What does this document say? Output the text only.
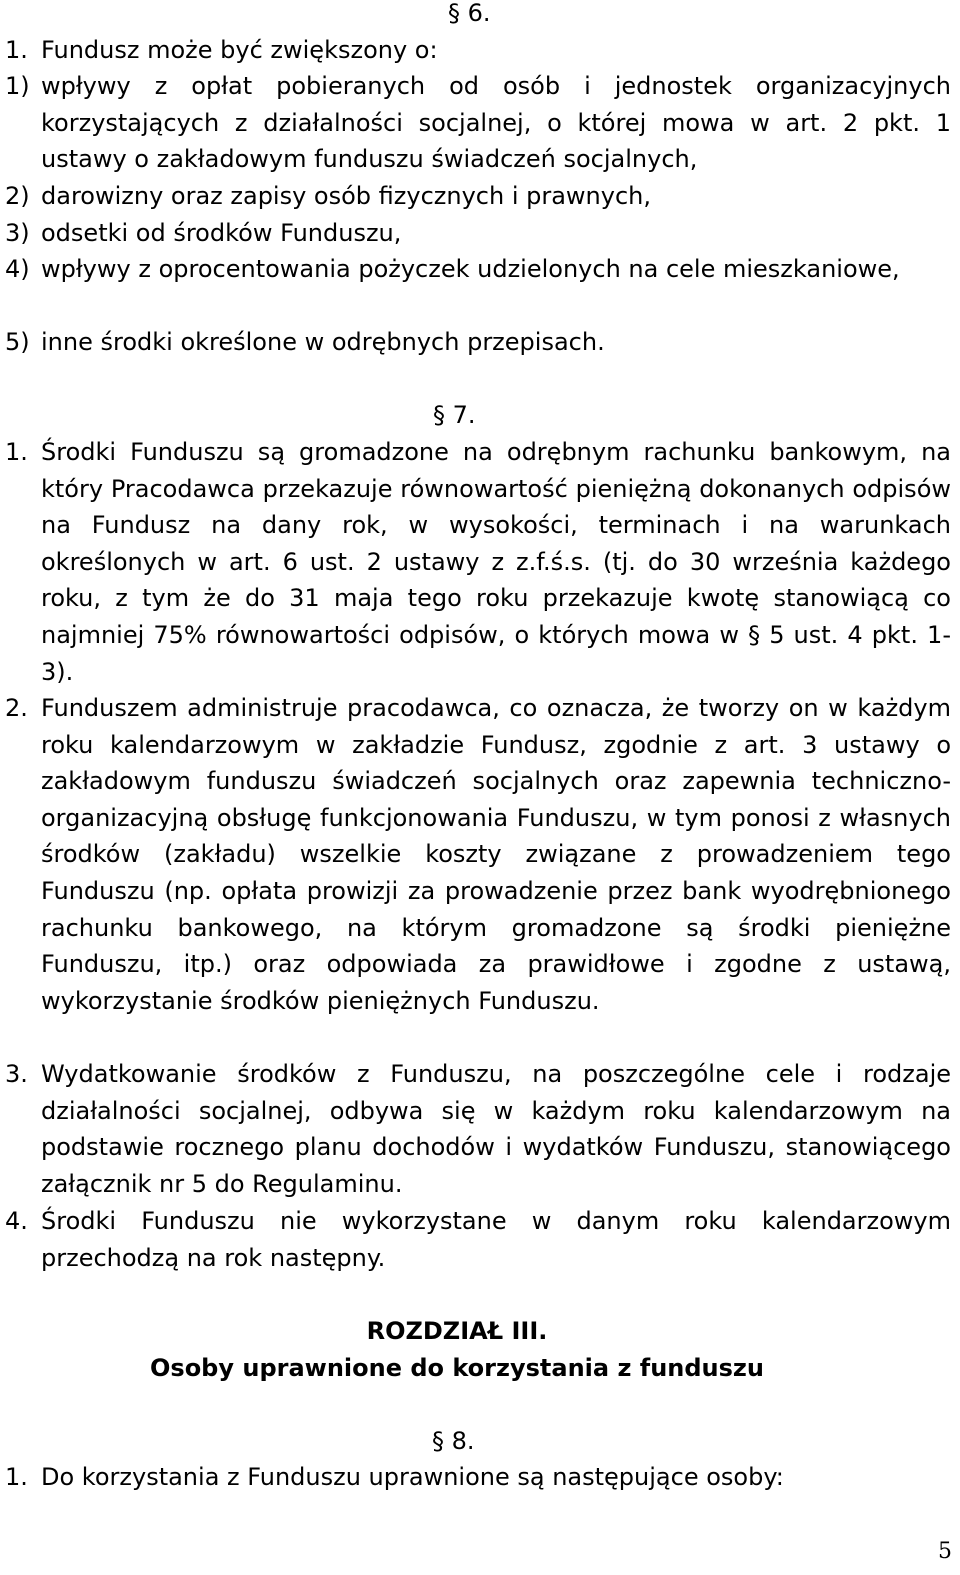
§ 6.
1. Fundusz może być zwiększony o:
1) wpływy z opłat pobieranych od osób i jednostek organizacyjnych korzystających z działalności socjalnej, o której mowa w art. 2 pkt. 1 ustawy o zakładowym funduszu świadczeń socjalnych,
2) darowizny oraz zapisy osób fizycznych i prawnych,
3) odsetki od środków Funduszu,
4) wpływy z oprocentowania pożyczek udzielonych na cele mieszkaniowe,
5) inne środki określone w odrębnych przepisach.
§ 7.
1. Środki Funduszu są gromadzone na odrębnym rachunku bankowym, na który Pracodawca przekazuje równowartość pieniężną dokonanych odpisów na Fundusz na dany rok, w wysokości, terminach i na warunkach określonych w art. 6 ust. 2 ustawy z z.f.ś.s. (tj. do 30 września każdego roku, z tym że do 31 maja tego roku przekazuje kwotę stanowiącą co najmniej 75% równowartości odpisów, o których mowa w § 5 ust. 4 pkt. 1-3).
2. Funduszem administruje pracodawca, co oznacza, że tworzy on w każdym roku kalendarzowym w zakładzie Fundusz, zgodnie z art. 3 ustawy o zakładowym funduszu świadczeń socjalnych oraz zapewnia techniczno-organizacyjną obsługę funkcjonowania Funduszu, w tym ponosi z własnych środków (zakładu) wszelkie koszty związane z prowadzeniem tego Funduszu (np. opłata prowizji za prowadzenie przez bank wyodrębnionego rachunku bankowego, na którym gromadzone są środki pieniężne Funduszu, itp.) oraz odpowiada za prawidłowe i zgodne z ustawą, wykorzystanie środków pieniężnych Funduszu.
3. Wydatkowanie środków z Funduszu, na poszczególne cele i rodzaje działalności socjalnej, odbywa się w każdym roku kalendarzowym na podstawie rocznego planu dochodów i wydatków Funduszu, stanowiącego załącznik nr 5 do Regulaminu.
4. Środki Funduszu nie wykorzystane w danym roku kalendarzowym przechodzą na rok następny.
ROZDZIAŁ III.
Osoby uprawnione do korzystania z funduszu
§ 8.
1. Do korzystania z Funduszu uprawnione są następujące osoby:
5
